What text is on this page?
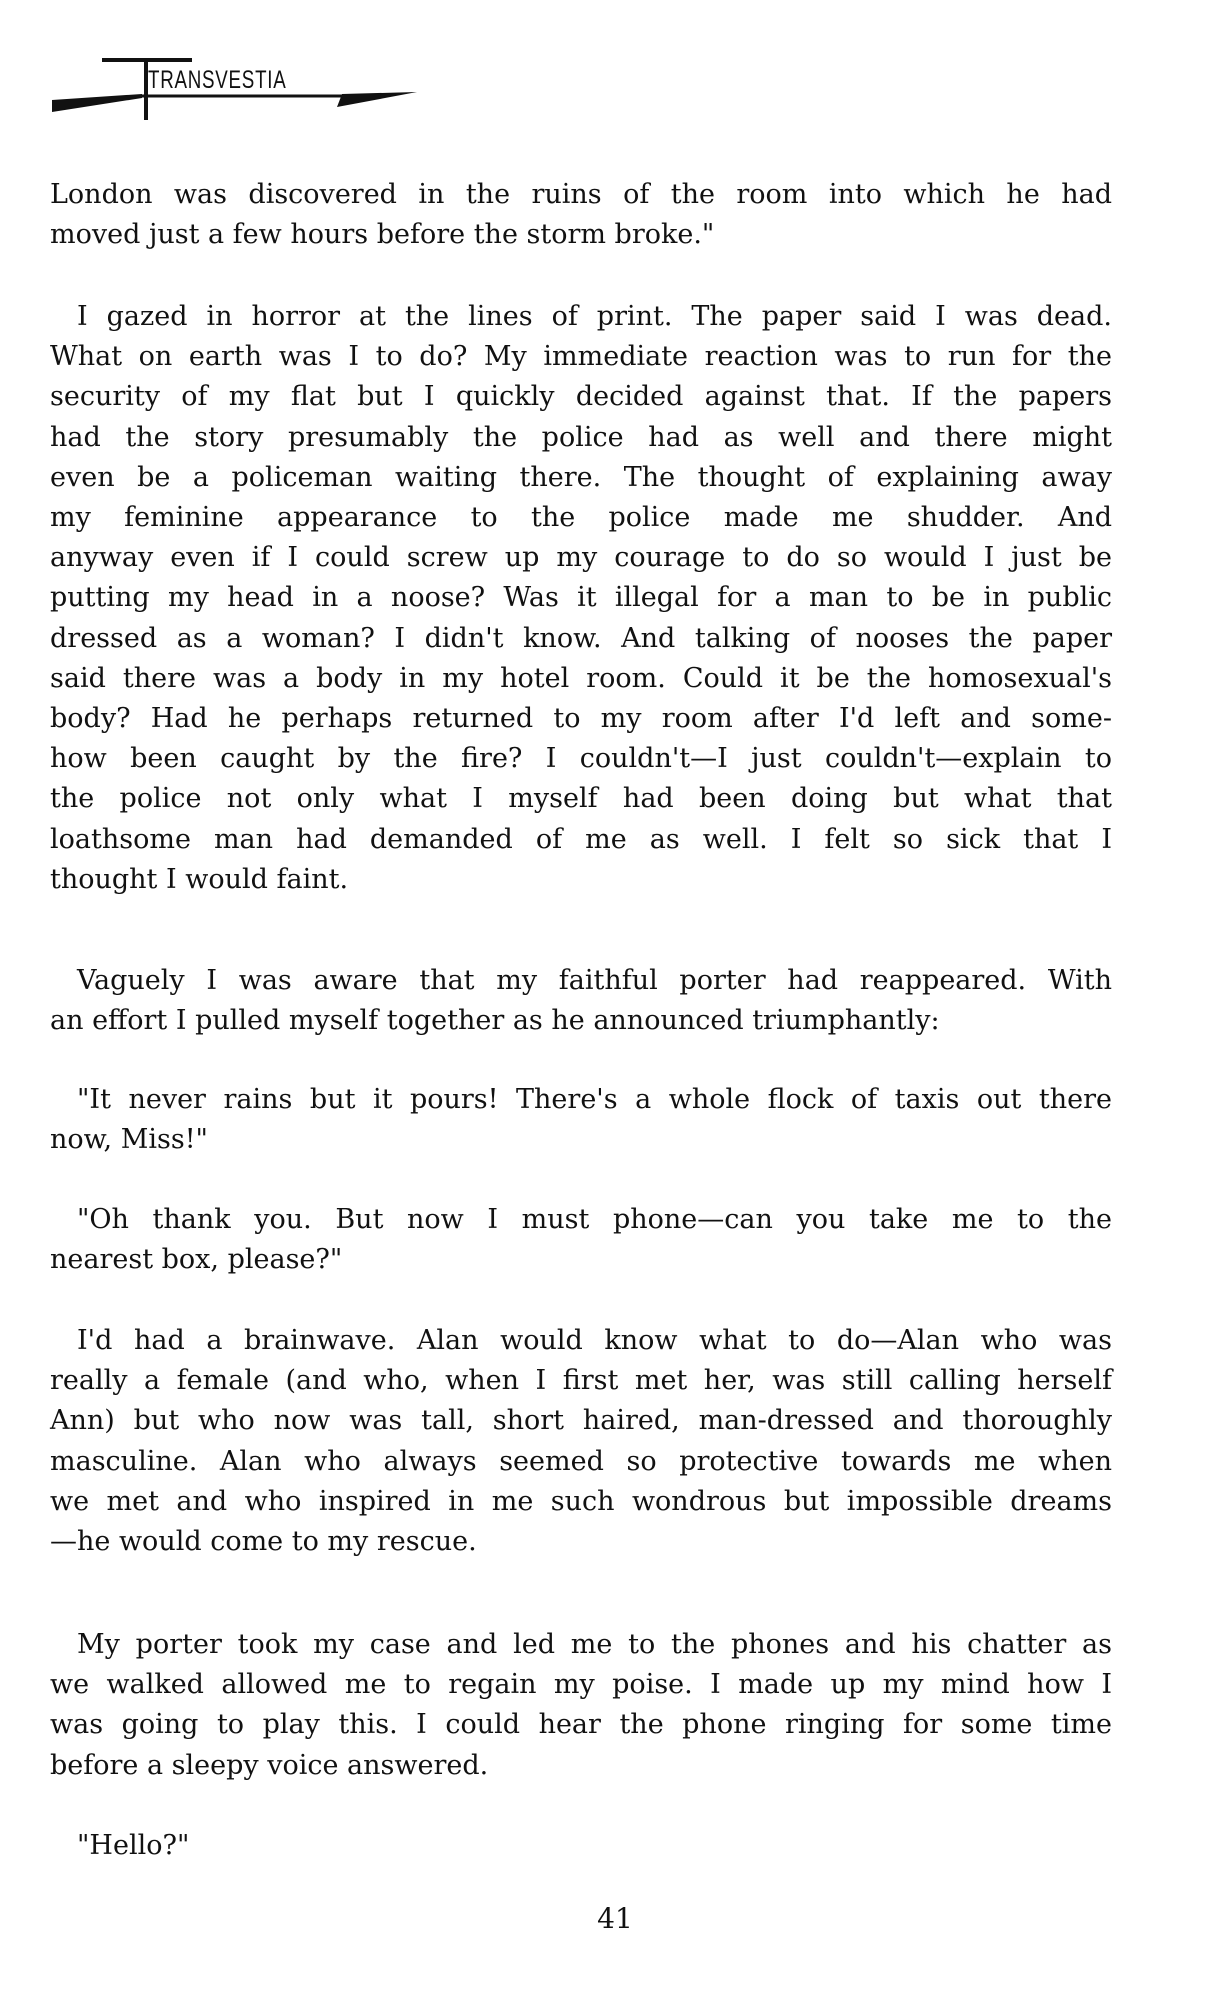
TRANSVESTIA
London was discovered in the ruins of the room into which he had
moved just a few hours before the storm broke."
I gazed in horror at the lines of print. The paper said I was dead.
What on earth was I to do? My immediate reaction was to run for the
security of my flat but I quickly decided against that. If the papers
had the story presumably the police had as well and there might
even be a policeman waiting there. The thought of explaining away
my feminine appearance to the police made me shudder. And
anyway even if I could screw up my courage to do so would I just be
putting my head in a noose? Was it illegal for a man to be in public
dressed as a woman? I didn't know. And talking of nooses the paper
said there was a body in my hotel room. Could it be the homosexual's
body? Had he perhaps returned to my room after I'd left and some-
how been caught by the fire? I couldn't—I just couldn't—explain to
the police not only what I myself had been doing but what that
loathsome man had demanded of me as well. I felt so sick that I
thought I would faint.
Vaguely I was aware that my faithful porter had reappeared. With
an effort I pulled myself together as he announced triumphantly:
"It never rains but it pours! There's a whole flock of taxis out there
now, Miss!"
"Oh thank you. But now I must phone—can you take me to the
nearest box, please?"
I'd had a brainwave. Alan would know what to do—Alan who was
really a female (and who, when I first met her, was still calling herself
Ann) but who now was tall, short haired, man-dressed and thoroughly
masculine. Alan who always seemed so protective towards me when
we met and who inspired in me such wondrous but impossible dreams
—he would come to my rescue.
My porter took my case and led me to the phones and his chatter as
we walked allowed me to regain my poise. I made up my mind how I
was going to play this. I could hear the phone ringing for some time
before a sleepy voice answered.
"Hello?"
41
